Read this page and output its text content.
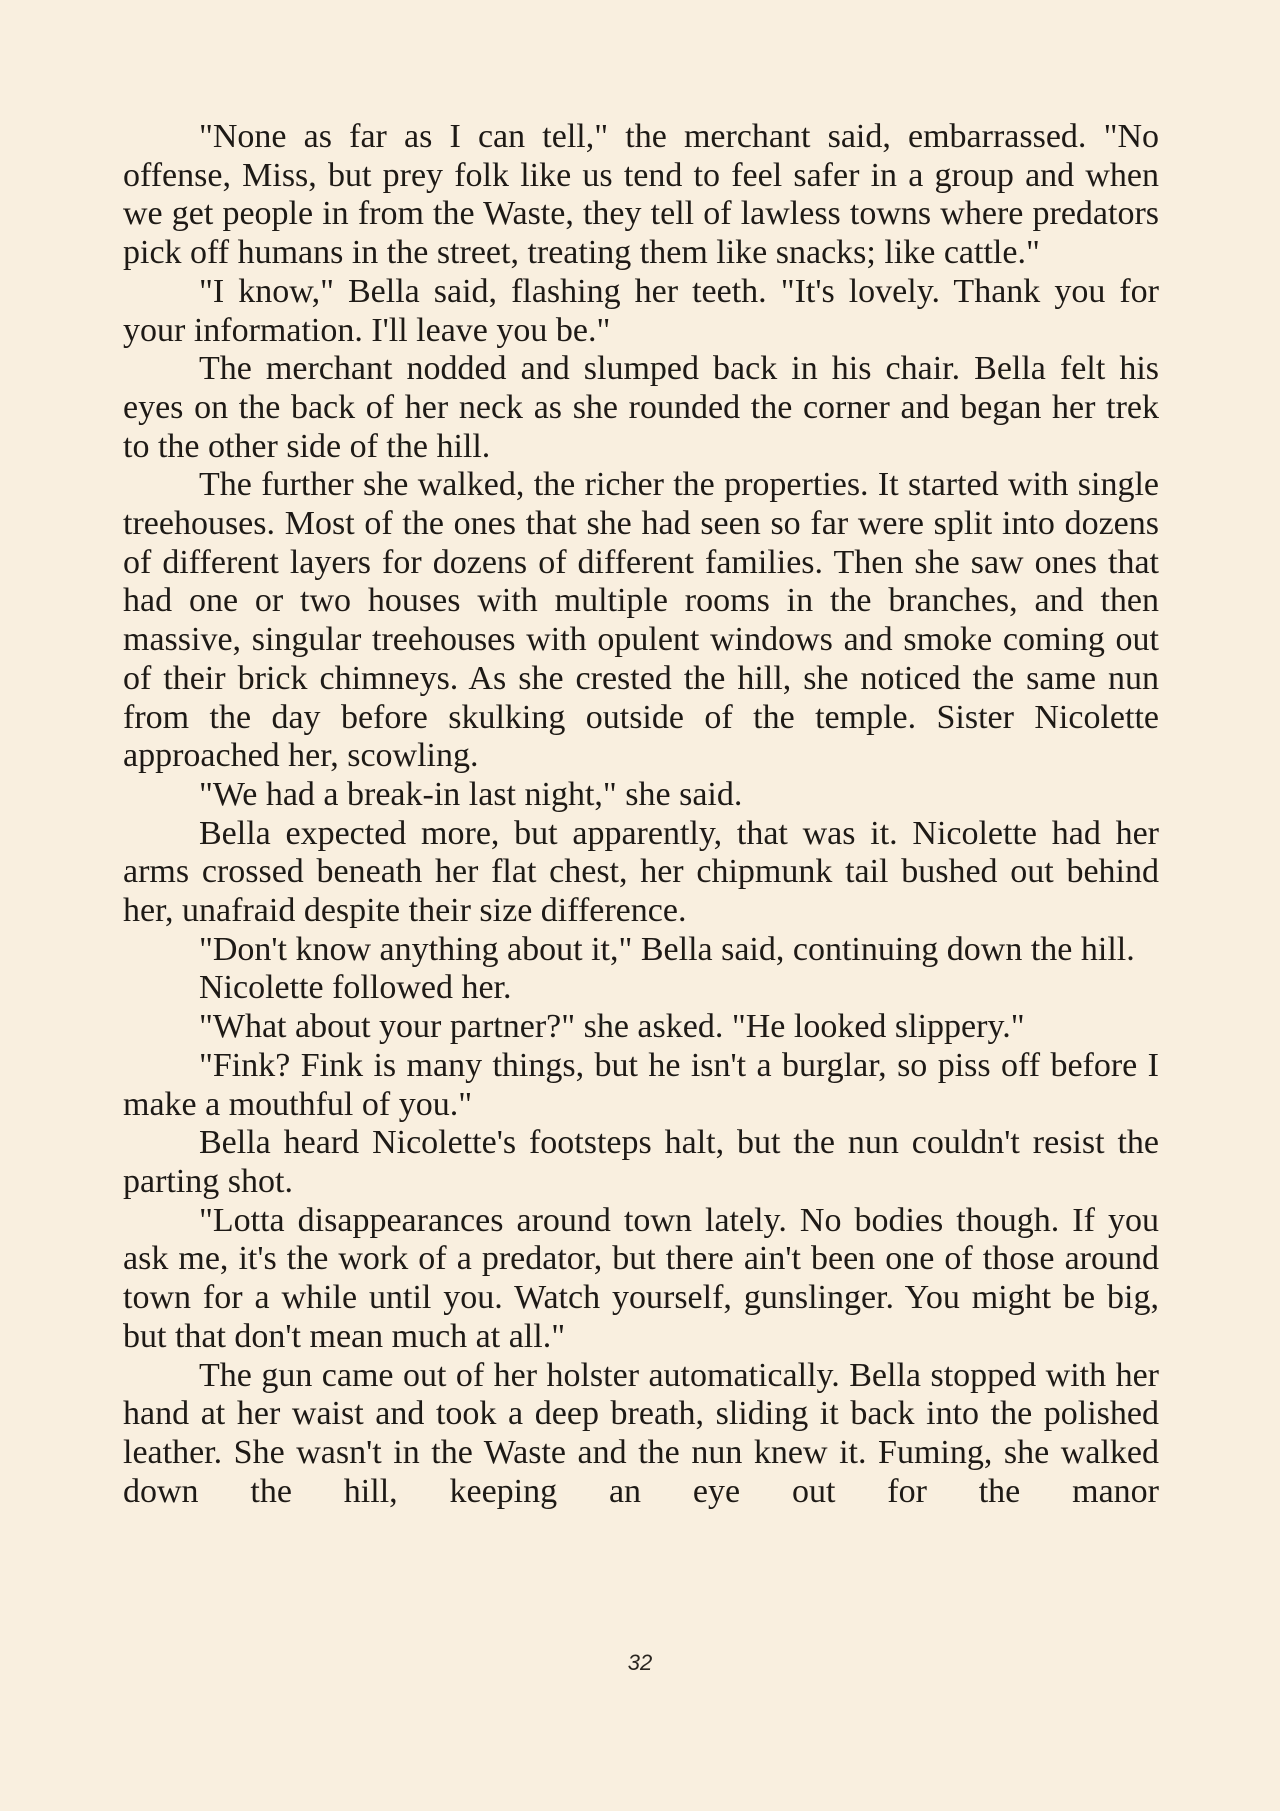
"None as far as I can tell," the merchant said, embarrassed. "No offense, Miss, but prey folk like us tend to feel safer in a group and when we get people in from the Waste, they tell of lawless towns where predators pick off humans in the street, treating them like snacks; like cattle."

"I know," Bella said, flashing her teeth. "It's lovely. Thank you for your information. I'll leave you be."

The merchant nodded and slumped back in his chair. Bella felt his eyes on the back of her neck as she rounded the corner and began her trek to the other side of the hill.

The further she walked, the richer the properties. It started with single treehouses. Most of the ones that she had seen so far were split into dozens of different layers for dozens of different families. Then she saw ones that had one or two houses with multiple rooms in the branches, and then massive, singular treehouses with opulent windows and smoke coming out of their brick chimneys. As she crested the hill, she noticed the same nun from the day before skulking outside of the temple. Sister Nicolette approached her, scowling.

"We had a break-in last night," she said.

Bella expected more, but apparently, that was it. Nicolette had her arms crossed beneath her flat chest, her chipmunk tail bushed out behind her, unafraid despite their size difference.

"Don't know anything about it," Bella said, continuing down the hill.

Nicolette followed her.

"What about your partner?" she asked. "He looked slippery."

"Fink? Fink is many things, but he isn't a burglar, so piss off before I make a mouthful of you."

Bella heard Nicolette's footsteps halt, but the nun couldn't resist the parting shot.

"Lotta disappearances around town lately. No bodies though. If you ask me, it's the work of a predator, but there ain't been one of those around town for a while until you. Watch yourself, gunslinger. You might be big, but that don't mean much at all."

The gun came out of her holster automatically. Bella stopped with her hand at her waist and took a deep breath, sliding it back into the polished leather. She wasn't in the Waste and the nun knew it. Fuming, she walked down the hill, keeping an eye out for the manor

32
